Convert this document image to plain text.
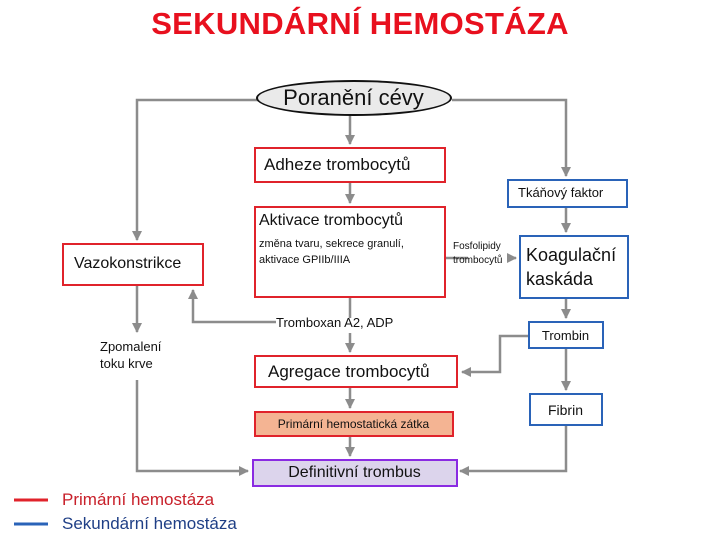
SEKUNDÁRNÍ HEMOSTÁZA
Poranění cévy
Adheze trombocytů
Tkáňový faktor
Aktivace trombocytů
změna tvaru, sekrece granulí,
aktivace GPIIb/IIIA
Vazokonstrikce
Fosfolipidy
trombocytů Koagulační
kaskáda
Tromboxan A2, ADP
Trombin
Zpomalení
toku krve	Agregace trombocytů
Fibrin
Primární hemostatická zátka
Definitivní trombus
Primární hemostáza
Sekundární hemostáza
